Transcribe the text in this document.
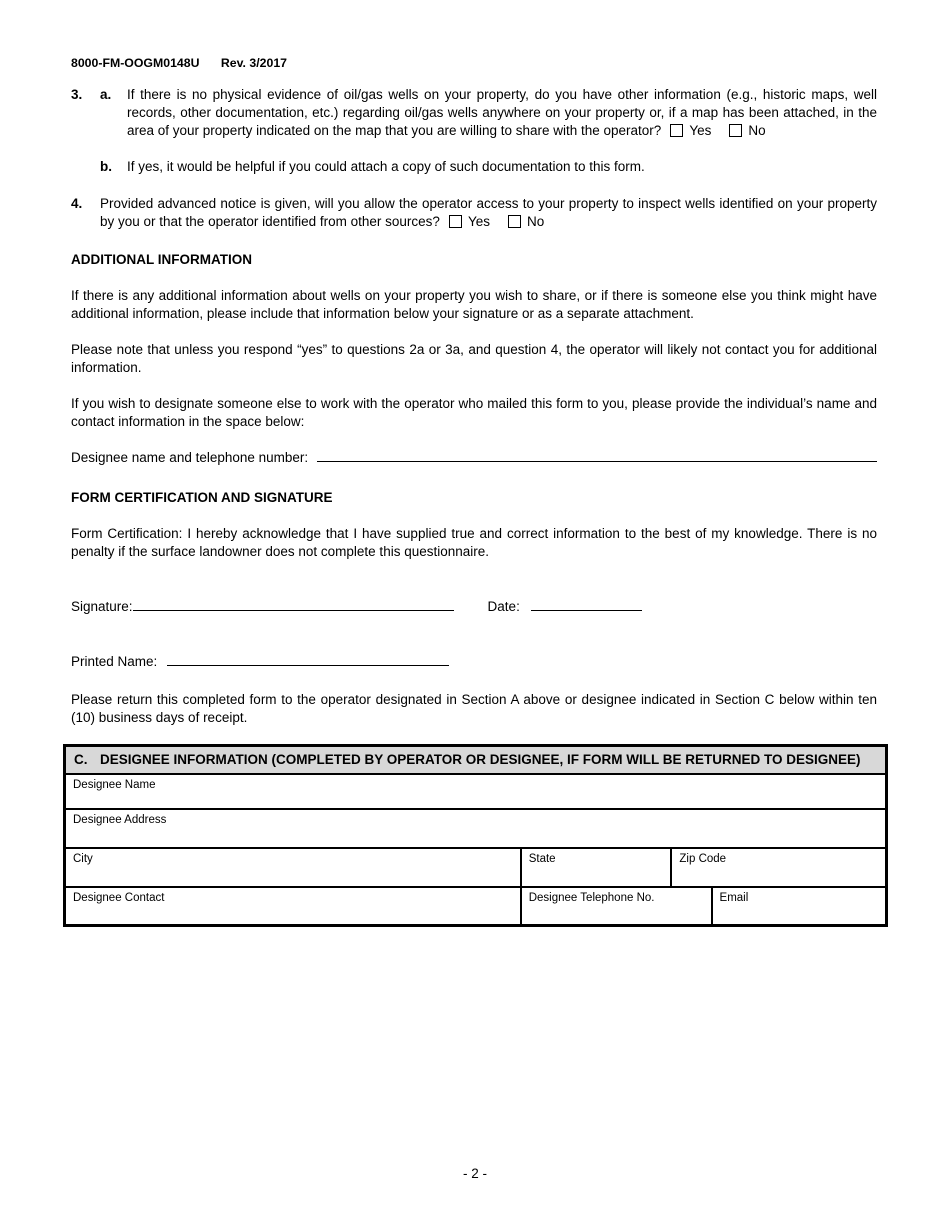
8000-FM-OOGM0148U Rev. 3/2017
3. a. If there is no physical evidence of oil/gas wells on your property, do you have other information (e.g., historic maps, well records, other documentation, etc.) regarding oil/gas wells anywhere on your property or, if a map has been attached, in the area of your property indicated on the map that you are willing to share with the operator? Yes	No
b. If yes, it would be helpful if you could attach a copy of such documentation to this form.
4. Provided advanced notice is given, will you allow the operator access to your property to inspect wells identified on your property by you or that the operator identified from other sources? Yes	No
ADDITIONAL INFORMATION
If there is any additional information about wells on your property you wish to share, or if there is someone else you think might have additional information, please include that information below your signature or as a separate attachment.
Please note that unless you respond “yes” to questions 2a or 3a, and question 4, the operator will likely not contact you for additional information.
If you wish to designate someone else to work with the operator who mailed this form to you, please provide the individual’s name and contact information in the space below:
Designee name and telephone number:
FORM CERTIFICATION AND SIGNATURE
Form Certification: I hereby acknowledge that I have supplied true and correct information to the best of my knowledge. There is no penalty if the surface landowner does not complete this questionnaire.
Signature:	Date:
Printed Name:
Please return this completed form to the operator designated in Section A above or designee indicated in Section C below within ten (10) business days of receipt.
C. DESIGNEE INFORMATION (COMPLETED BY OPERATOR OR DESIGNEE, IF FORM WILL BE RETURNED TO DESIGNEE)
Designee Name
Designee Address
City	State	Zip Code
Designee Contact	Designee Telephone No.	Email
- 2 -
